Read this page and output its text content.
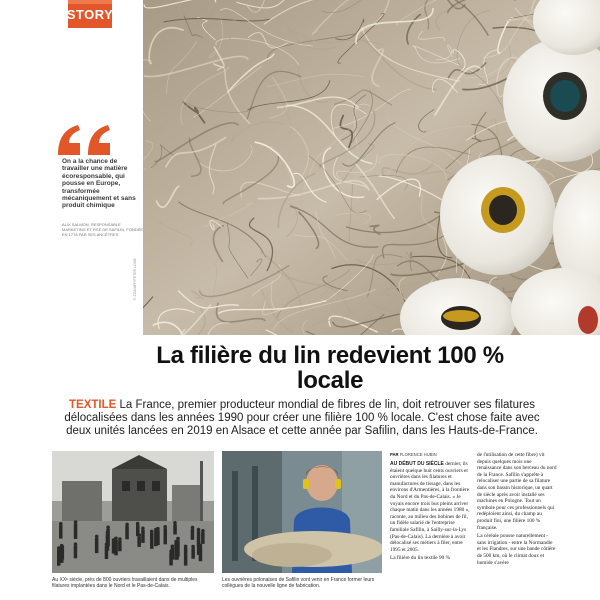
STORY
© ZOA/AFP/PETER LOGE
On a la chance de travailler une matière écoresponsable, qui pousse en Europe, transformée mécaniquement et sans produit chimique
ALIX SALMON, RESPONSABLE MARKETING ET RSE DE SAFILIN, FONDÉE EN 1778 PAR SES ANCÊTRES
La filière du lin redevient 100 % locale

TEXTILE La France, premier producteur mondial de fibres de lin, doit retrouver ses filatures délocalisées dans les années 1990 pour créer une filière 100 % locale. C'est chose faite avec deux unités lancées en 2019 en Alsace et cette année par Safilin, dans les Hauts-de-France.

Au XXᵉ siècle, près de 800 ouvriers travaillaient dans de multiples filatures implantées dans le Nord et le Pas-de-Calais.
Les ouvrières polonaises de Safilin vont venir en France former leurs collègues de la nouvelle ligne de fabrication.
PAR FLORENCE HUBIN

AU DÉBUT DU SIÈCLE dernier, ils étaient quelque huit cents ouvriers et ouvrières dans les filatures et manufactures de tissage, dans les environs d'Armentières, à la frontière du Nord et du Pas-de-Calais. « Je voyais encore trois bus pleins arriver chaque matin dans les années 1980 », raconte, au milieu des bobines de fil, un fidèle salarié de l'entreprise familiale Safilin, à Sailly-sur-la-Lys (Pas-de-Calais). La dernière à avoir délocalisé ses métiers à filer, entre 1995 et 2005.

La filière du lin textile 90 %

de l'utilisation de cette fibre) vit depuis quelques mois une renaissance dans son berceau du nord de la France. Safilin s'apprête à relocaliser une partie de sa filature dans son bassin historique, un quart de siècle après avoir installé ses machines en Pologne. Tout un symbole pour ces professionnels qui redéploient ainsi, du champ au produit fini, une filière 100 % française.

La céréale pousse naturellement - sans irrigation - entre la Normandie et les Flandres, sur une bande côtière de 500 km, où le climat doux et humide s'avère
